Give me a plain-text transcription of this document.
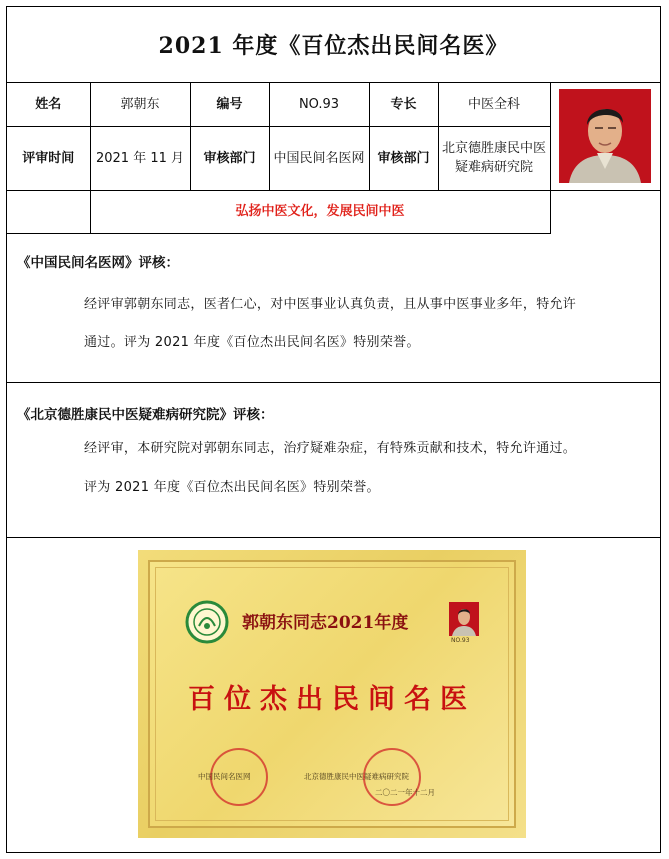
2021 年度《百位杰出民间名医》
姓名	郭朝东	编号	NO.93	专长	中医全科	

评审时间	2021 年 11 月	审核部门	中国民间名医网	审核部门	北京德胜康民中医疑难病研究院	
	弘扬中医文化，发展民间中医					
《中国民间名医网》评核：
经评审郭朝东同志，医者仁心，对中医事业认真负责，且从事中医事业多年，特允许
通过。评为 2021 年度《百位杰出民间名医》特别荣誉。
《北京德胜康民中医疑难病研究院》评核：
经评审，本研究院对郭朝东同志，治疗疑难杂症，有特殊贡献和技术，特允许通过。
评为 2021 年度《百位杰出民间名医》特别荣誉。
郭朝东同志2021年度
NO.93
百位杰出民间名医
中国民间名医网	北京德胜康民中医疑难病研究院
二〇二一年十二月
